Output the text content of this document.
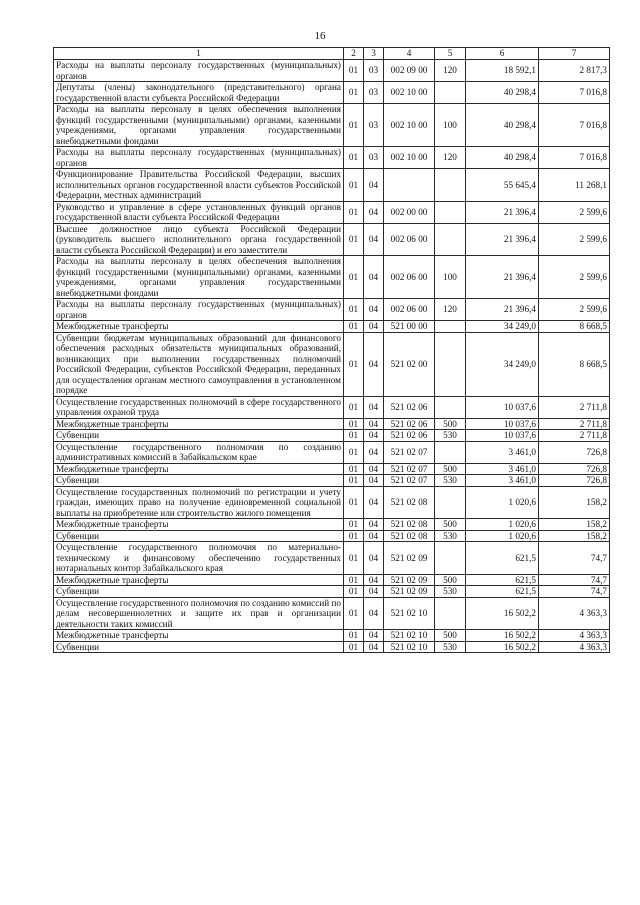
16
1	2	3	4	5	6	7
Расходы на выплаты персоналу государственных (муниципальных) органов	01	03	002 09 00	120	18 592,1	2 817,3
Депутаты (члены) законодательного (представительного) органа государственной власти субъекта Российской Федерации	01	03	002 10 00		40 298,4	7 016,8
Расходы на выплаты персоналу в целях обеспечения выполнения функций государственными (муниципальными) органами, казенными учреждениями, органами управления государственными внебюджетными фондами	01	03	002 10 00	100	40 298,4	7 016,8
Расходы на выплаты персоналу государственных (муниципальных) органов	01	03	002 10 00	120	40 298,4	7 016,8
Функционирование Правительства Российской Федерации, высших исполнительных органов государственной власти субъектов Российской Федерации, местных администраций	01	04			55 645,4	11 268,1
Руководство и управление в сфере установленных функций органов государственной власти субъекта Российской Федерации	01	04	002 00 00		21 396,4	2 599,6
Высшее должностное лицо субъекта Российской Федерации (руководитель высшего исполнительного органа государственной власти субъекта Российской Федерации) и его заместители	01	04	002 06 00		21 396,4	2 599,6
Расходы на выплаты персоналу в целях обеспечения выполнения функций государственными (муниципальными) органами, казенными учреждениями, органами управления государственными внебюджетными фондами	01	04	002 06 00	100	21 396,4	2 599,6
Расходы на выплаты персоналу государственных (муниципальных) органов	01	04	002 06 00	120	21 396,4	2 599,6
Межбюджетные трансферты	01	04	521 00 00		34 249,0	8 668,5
Субвенции бюджетам муниципальных образований для финансового обеспечения расходных обязательств муниципальных образований, возникающих при выполнении государственных полномочий Российской Федерации, субъектов Российской Федерации, переданных для осуществления органам местного самоуправления в установленном порядке	01	04	521 02 00		34 249,0	8 668,5
Осуществление государственных полномочий в сфере государственного управления охраной труда	01	04	521 02 06		10 037,6	2 711,8
Межбюджетные трансферты	01	04	521 02 06	500	10 037,6	2 711,8
Субвенции	01	04	521 02 06	530	10 037,6	2 711,8
Осуществление государственного полномочия по созданию административных комиссий в Забайкальском крае	01	04	521 02 07		3 461,0	726,8
Межбюджетные трансферты	01	04	521 02 07	500	3 461,0	726,8
Субвенции	01	04	521 02 07	530	3 461,0	726,8
Осуществление государственных полномочий по регистрации и учету граждан, имеющих право на получение единовременной социальной выплаты на приобретение или строительство жилого помещения	01	04	521 02 08		1 020,6	158,2
Межбюджетные трансферты	01	04	521 02 08	500	1 020,6	158,2
Субвенции	01	04	521 02 08	530	1 020,6	158,2
Осуществление государственного полномочия по материально-техническому и финансовому обеспечению государственных нотариальных контор Забайкальского края	01	04	521 02 09		621,5	74,7
Межбюджетные трансферты	01	04	521 02 09	500	621,5	74,7
Субвенции	01	04	521 02 09	530	621,5	74,7
Осуществление государственного полномочия по созданию комиссий по делам несовершеннолетних и защите их прав и организации деятельности таких комиссий	01	04	521 02 10		16 502,2	4 363,3
Межбюджетные трансферты	01	04	521 02 10	500	16 502,2	4 363,3
Субвенции	01	04	521 02 10	530	16 502,2	4 363,3
